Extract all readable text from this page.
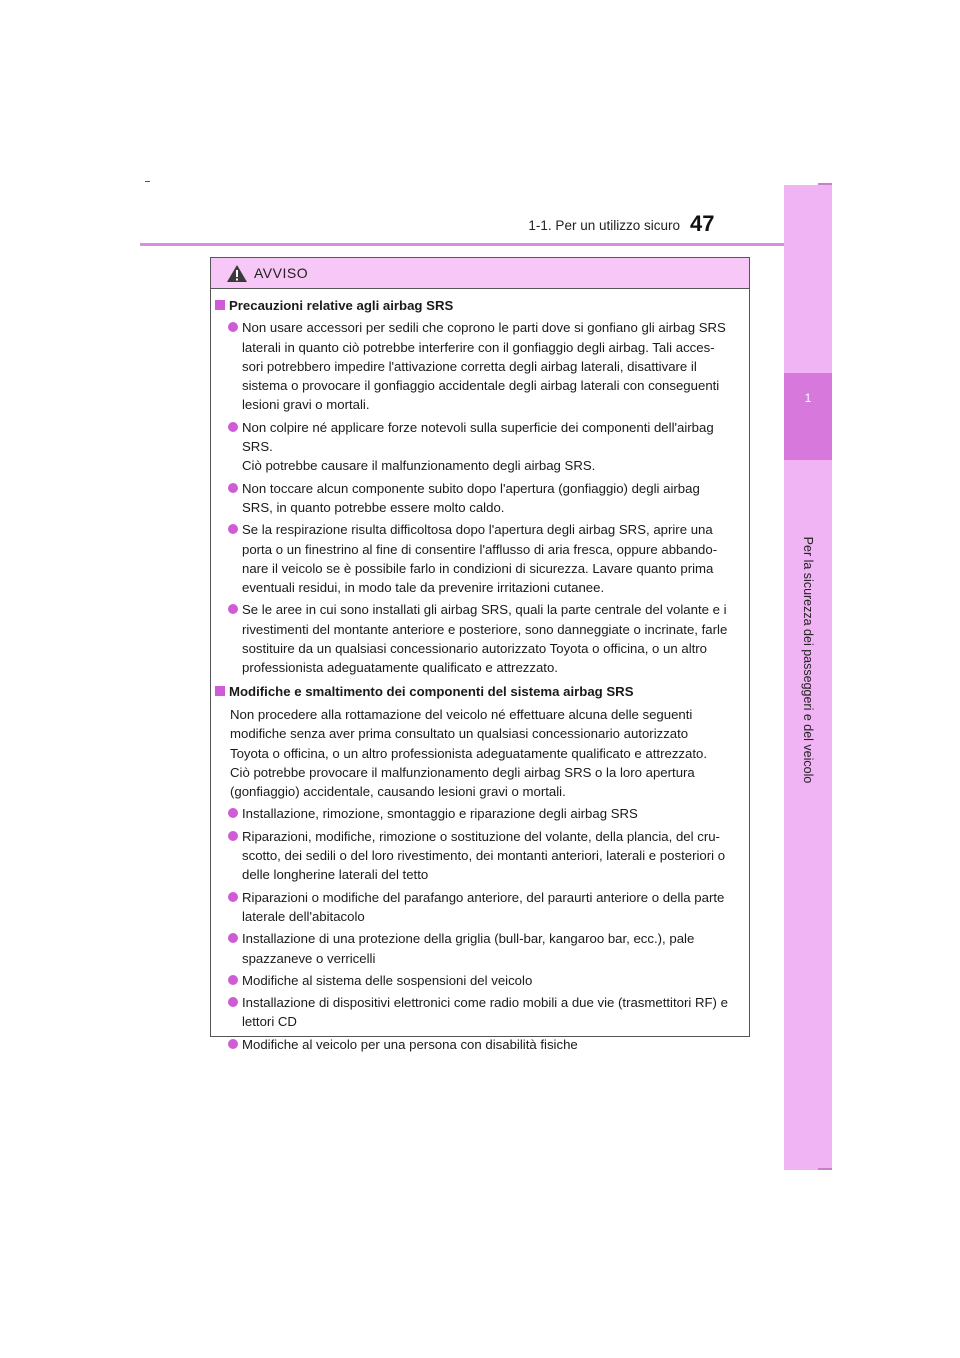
1-1. Per un utilizzo sicuro 47
1
Per la sicurezza dei passeggeri e del veicolo
AVVISO
Precauzioni relative agli airbag SRS
Non usare accessori per sedili che coprono le parti dove si gonfiano gli airbag SRS
laterali in quanto ciò potrebbe interferire con il gonfiaggio degli airbag. Tali acces-
sori potrebbero impedire l'attivazione corretta degli airbag laterali, disattivare il
sistema o provocare il gonfiaggio accidentale degli airbag laterali con conseguenti
lesioni gravi o mortali.
Non colpire né applicare forze notevoli sulla superficie dei componenti dell'airbag
SRS.
Ciò potrebbe causare il malfunzionamento degli airbag SRS.
Non toccare alcun componente subito dopo l'apertura (gonfiaggio) degli airbag
SRS, in quanto potrebbe essere molto caldo.
Se la respirazione risulta difficoltosa dopo l'apertura degli airbag SRS, aprire una
porta o un finestrino al fine di consentire l'afflusso di aria fresca, oppure abbando-
nare il veicolo se è possibile farlo in condizioni di sicurezza. Lavare quanto prima
eventuali residui, in modo tale da prevenire irritazioni cutanee.
Se le aree in cui sono installati gli airbag SRS, quali la parte centrale del volante e i
rivestimenti del montante anteriore e posteriore, sono danneggiate o incrinate, farle
sostituire da un qualsiasi concessionario autorizzato Toyota o officina, o un altro
professionista adeguatamente qualificato e attrezzato.
Modifiche e smaltimento dei componenti del sistema airbag SRS
Non procedere alla rottamazione del veicolo né effettuare alcuna delle seguenti
modifiche senza aver prima consultato un qualsiasi concessionario autorizzato
Toyota o officina, o un altro professionista adeguatamente qualificato e attrezzato.
Ciò potrebbe provocare il malfunzionamento degli airbag SRS o la loro apertura
(gonfiaggio) accidentale, causando lesioni gravi o mortali.
Installazione, rimozione, smontaggio e riparazione degli airbag SRS
Riparazioni, modifiche, rimozione o sostituzione del volante, della plancia, del cru-
scotto, dei sedili o del loro rivestimento, dei montanti anteriori, laterali e posteriori o
delle longherine laterali del tetto
Riparazioni o modifiche del parafango anteriore, del paraurti anteriore o della parte
laterale dell'abitacolo
Installazione di una protezione della griglia (bull-bar, kangaroo bar, ecc.), pale
spazzaneve o verricelli
Modifiche al sistema delle sospensioni del veicolo
Installazione di dispositivi elettronici come radio mobili a due vie (trasmettitori RF) e
lettori CD
Modifiche al veicolo per una persona con disabilità fisiche
